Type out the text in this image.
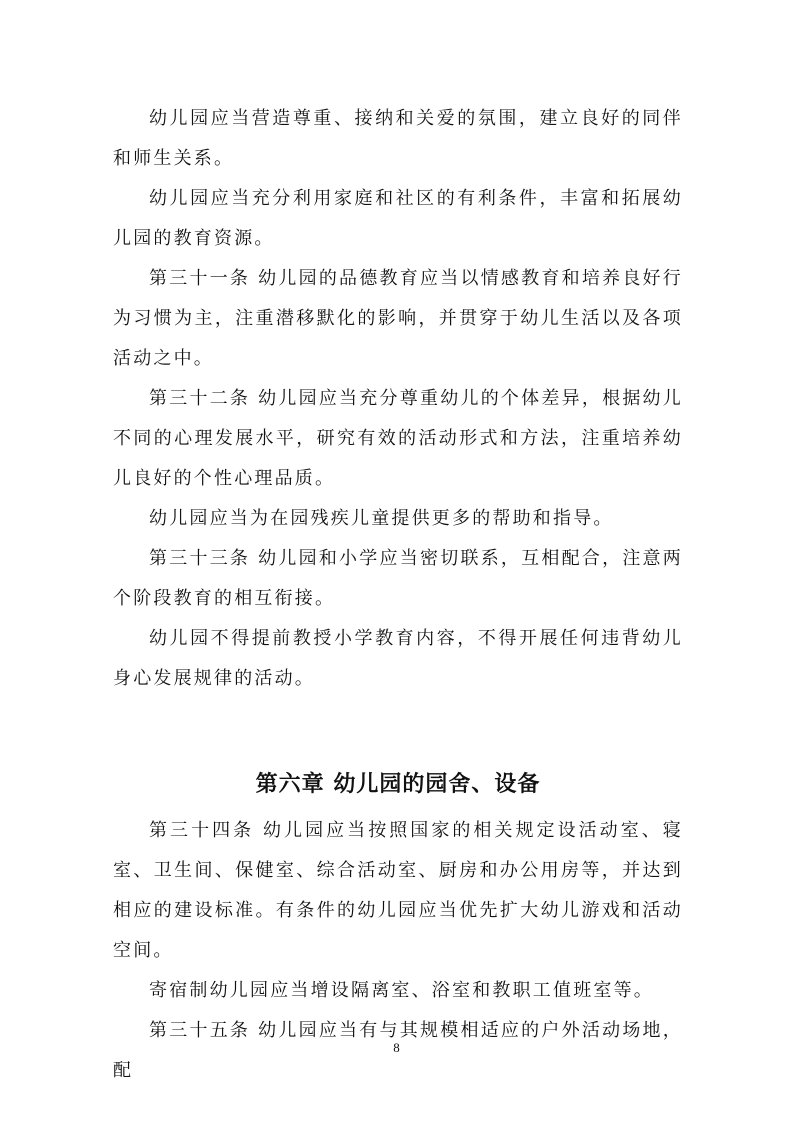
幼儿园应当营造尊重、接纳和关爱的氛围，建立良好的同伴和师生关系。

幼儿园应当充分利用家庭和社区的有利条件，丰富和拓展幼儿园的教育资源。

第三十一条 幼儿园的品德教育应当以情感教育和培养良好行为习惯为主，注重潜移默化的影响，并贯穿于幼儿生活以及各项活动之中。

第三十二条 幼儿园应当充分尊重幼儿的个体差异，根据幼儿不同的心理发展水平，研究有效的活动形式和方法，注重培养幼儿良好的个性心理品质。

幼儿园应当为在园残疾儿童提供更多的帮助和指导。

第三十三条 幼儿园和小学应当密切联系，互相配合，注意两个阶段教育的相互衔接。

幼儿园不得提前教授小学教育内容，不得开展任何违背幼儿身心发展规律的活动。

第六章 幼儿园的园舍、设备

第三十四条 幼儿园应当按照国家的相关规定设活动室、寝室、卫生间、保健室、综合活动室、厨房和办公用房等，并达到相应的建设标准。有条件的幼儿园应当优先扩大幼儿游戏和活动空间。

寄宿制幼儿园应当增设隔离室、浴室和教职工值班室等。

第三十五条 幼儿园应当有与其规模相适应的户外活动场地，配

8
